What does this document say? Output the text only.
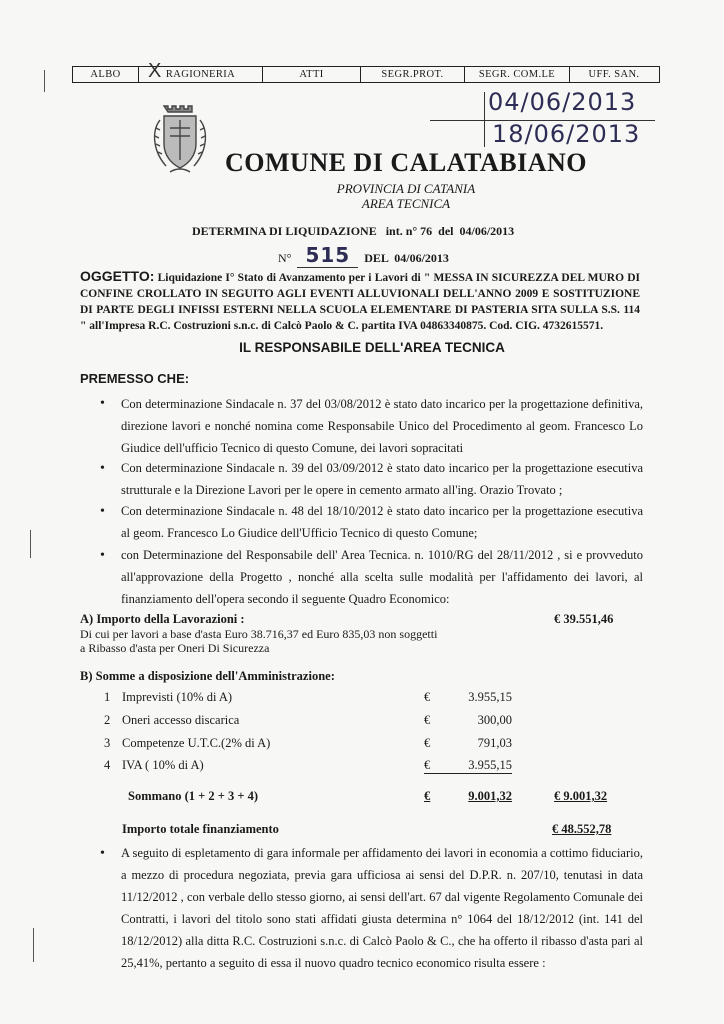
ALBO	RAGIONERIA	ATTI	SEGR.PROT.	SEGR. COM.LE	UFF. SAN.
X
04/06/2013
18/06/2013
COMUNE DI CALATABIANO
PROVINCIA DI CATANIA
AREA TECNICA
DETERMINA DI LIQUIDAZIONE   int. n° 76  del  04/06/2013
N° 515	DEL  04/06/2013
OGGETTO: Liquidazione I° Stato di Avanzamento per i Lavori di " MESSA IN SICUREZZA DEL MURO DI CONFINE CROLLATO IN SEGUITO AGLI EVENTI ALLUVIONALI DELL'ANNO 2009 E SOSTITUZIONE DI PARTE DEGLI INFISSI ESTERNI NELLA SCUOLA ELEMENTARE DI PASTERIA SITA SULLA S.S. 114 " all'Impresa R.C. Costruzioni s.n.c. di Calcò Paolo & C. partita IVA 04863340875. Cod. CIG. 4732615571.
IL RESPONSABILE DELL'AREA TECNICA
PREMESSO CHE:
• Con determinazione Sindacale n. 37 del 03/08/2012 è stato dato incarico per la progettazione definitiva, direzione lavori e nonché nomina come Responsabile Unico del Procedimento al geom. Francesco Lo Giudice dell'ufficio Tecnico di questo Comune, dei lavori sopracitati
• Con determinazione Sindacale n. 39 del 03/09/2012 è stato dato incarico per la progettazione esecutiva strutturale e la Direzione Lavori per le opere in cemento armato all'ing. Orazio Trovato ;
• Con determinazione Sindacale n. 48 del 18/10/2012 è stato dato incarico per la progettazione esecutiva al geom. Francesco Lo Giudice dell'Ufficio Tecnico di questo Comune;
• con Determinazione del Responsabile dell' Area Tecnica. n. 1010/RG del 28/11/2012 , si e provveduto all'approvazione della Progetto , nonché alla scelta sulle modalità per l'affidamento dei lavori, al finanziamento dell'opera secondo il seguente Quadro Economico:
A) Importo della Lavorazioni :	€ 39.551,46
Di cui per lavori a base d'asta Euro 38.716,37 ed Euro 835,03 non soggetti
a Ribasso d'asta per Oneri Di Sicurezza
B) Somme a disposizione dell'Amministrazione:
1 Imprevisti (10% di A)	€	3.955,15
2 Oneri accesso discarica	€	300,00
3 Competenze U.T.C.(2% di A)	€	791,03
4 IVA ( 10% di A)	€	3.955,15
Sommano (1 + 2 + 3 + 4)	€	9.001,32	€ 9.001,32
Importo totale finanziamento	€ 48.552,78
• A seguito di espletamento di gara informale per affidamento dei lavori in economia a cottimo fiduciario, a mezzo di procedura negoziata, previa gara ufficiosa ai sensi del D.P.R. n. 207/10, tenutasi in data 11/12/2012 , con verbale dello stesso giorno, ai sensi dell'art. 67 dal vigente Regolamento Comunale dei Contratti, i lavori del titolo sono stati affidati giusta determina n° 1064 del 18/12/2012 (int. 141 del 18/12/2012) alla ditta R.C. Costruzioni s.n.c. di Calcò Paolo & C., che ha offerto il ribasso d'asta pari al 25,41%, pertanto a seguito di essa il nuovo quadro tecnico economico risulta essere :
